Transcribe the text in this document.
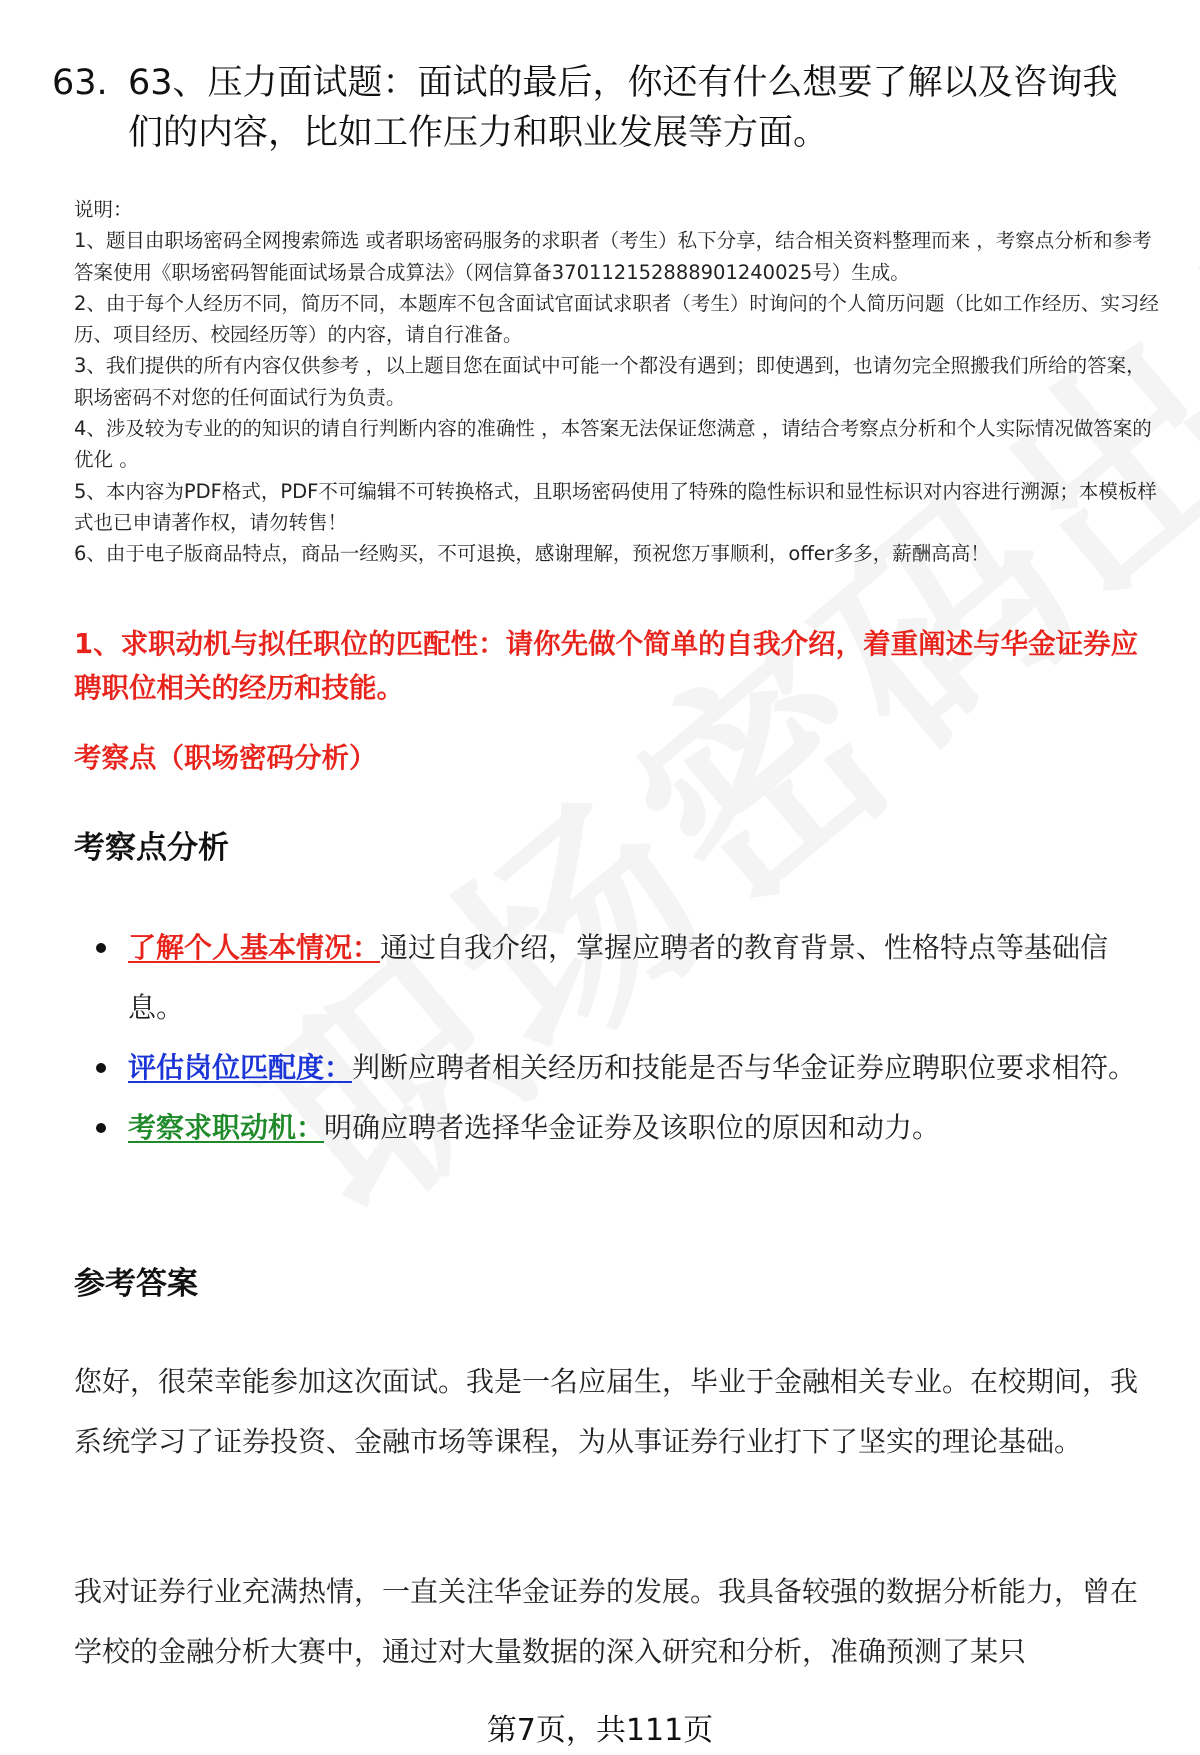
63. 63、压力面试题：面试的最后，你还有什么想要了解以及咨询我们的内容，比如工作压力和职业发展等方面。

说明：

1、题目由职场密码全网搜索筛选 或者职场密码服务的求职者（考生）私下分享，结合相关资料整理而来 ，考察点分析和参考答案使用《职场密码智能面试场景合成算法》（网信算备370112152888901240025号）生成。

2、由于每个人经历不同，简历不同，本题库不包含面试官面试求职者（考生）时询问的个人简历问题（比如工作经历、实习经历、项目经历、校园经历等）的内容，请自行准备。

3、我们提供的所有内容仅供参考 ，以上题目您在面试中可能一个都没有遇到；即使遇到，也请勿完全照搬我们所给的答案，职场密码不对您的任何面试行为负责。

4、涉及较为专业的的知识的请自行判断内容的准确性 ，本答案无法保证您满意 ，请结合考察点分析和个人实际情况做答案的优化 。

5、本内容为PDF格式，PDF不可编辑不可转换格式，且职场密码使用了特殊的隐性标识和显性标识对内容进行溯源；本模板样式也已申请著作权，请勿转售！

6、由于电子版商品特点，商品一经购买，不可退换，感谢理解，预祝您万事顺利，offer多多，薪酬高高！

1、求职动机与拟任职位的匹配性：请你先做个简单的自我介绍，着重阐述与华金证券应聘职位相关的经历和技能。
考察点（职场密码分析）
考察点分析
了解个人基本情况：通过自我介绍，掌握应聘者的教育背景、性格特点等基础信息。
评估岗位匹配度：判断应聘者相关经历和技能是否与华金证券应聘职位要求相符。
考察求职动机：明确应聘者选择华金证券及该职位的原因和动力。
参考答案

您好，很荣幸能参加这次面试。我是一名应届生，毕业于金融相关专业。在校期间，我系统学习了证券投资、金融市场等课程，为从事证券行业打下了坚实的理论基础。

我对证券行业充满热情，一直关注华金证券的发展。我具备较强的数据分析能力，曾在学校的金融分析大赛中，通过对大量数据的深入研究和分析，准确预测了某只

第7页，共111页
